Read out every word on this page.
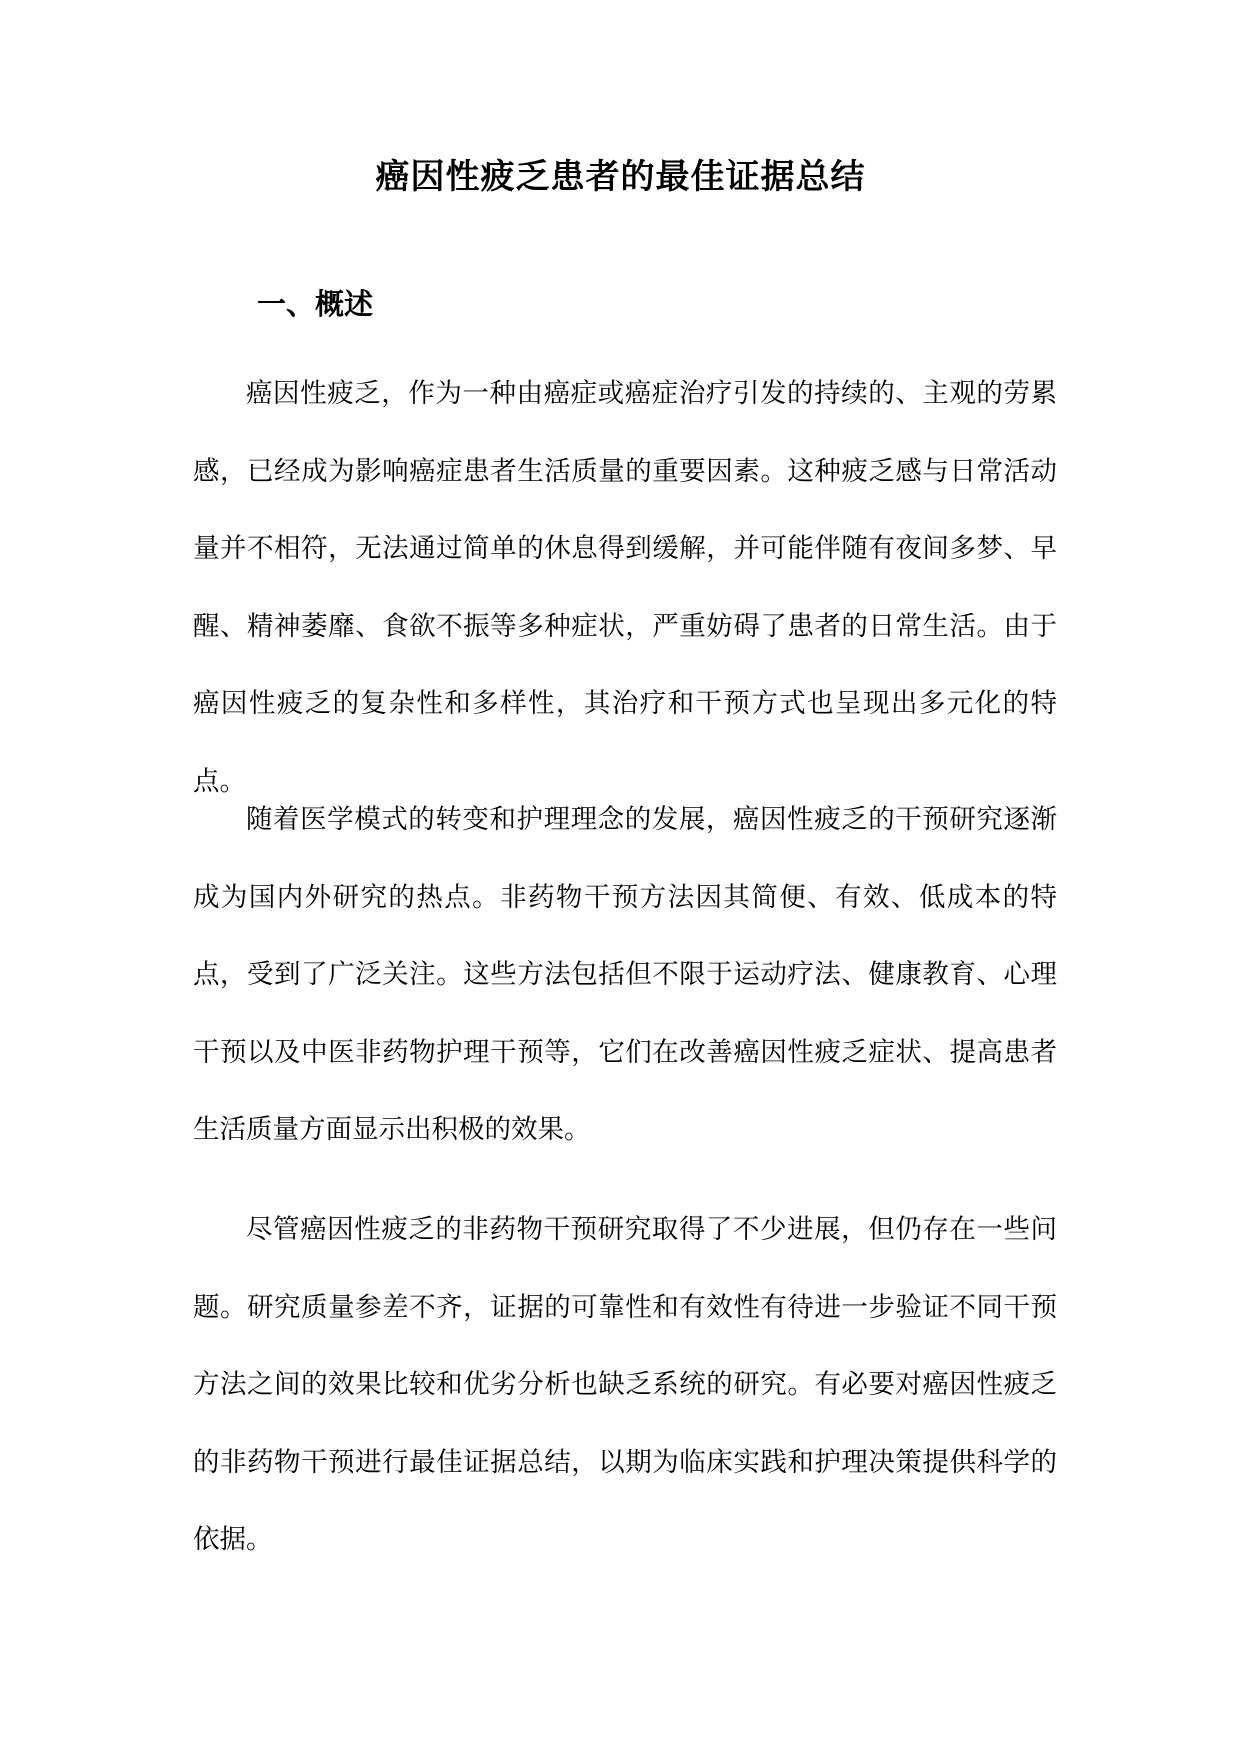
癌因性疲乏患者的最佳证据总结
一、概述

癌因性疲乏，作为一种由癌症或癌症治疗引发的持续的、主观的劳累感，已经成为影响癌症患者生活质量的重要因素。这种疲乏感与日常活动量并不相符，无法通过简单的休息得到缓解，并可能伴随有夜间多梦、早醒、精神萎靡、食欲不振等多种症状，严重妨碍了患者的日常生活。由于癌因性疲乏的复杂性和多样性，其治疗和干预方式也呈现出多元化的特点。

随着医学模式的转变和护理理念的发展，癌因性疲乏的干预研究逐渐成为国内外研究的热点。非药物干预方法因其简便、有效、低成本的特点，受到了广泛关注。这些方法包括但不限于运动疗法、健康教育、心理干预以及中医非药物护理干预等，它们在改善癌因性疲乏症状、提高患者生活质量方面显示出积极的效果。

尽管癌因性疲乏的非药物干预研究取得了不少进展，但仍存在一些问题。研究质量参差不齐，证据的可靠性和有效性有待进一步验证不同干预方法之间的效果比较和优劣分析也缺乏系统的研究。有必要对癌因性疲乏的非药物干预进行最佳证据总结，以期为临床实践和护理决策提供科学的依据。
